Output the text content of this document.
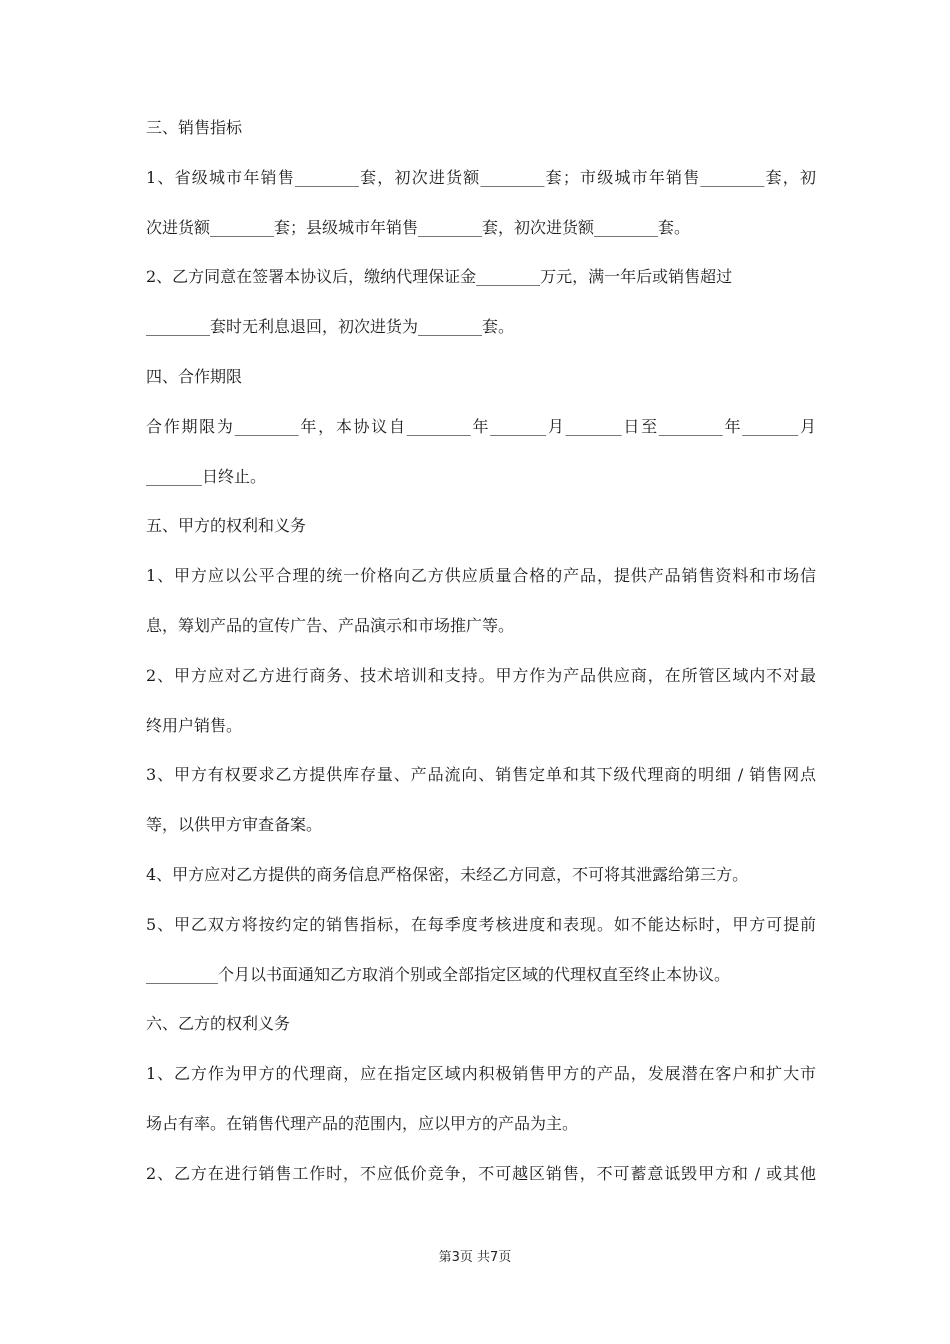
三、销售指标
1、省级城市年销售________套，初次进货额________套；市级城市年销售________套，初
次进货额________套；县级城市年销售________套，初次进货额________套。
2、乙方同意在签署本协议后，缴纳代理保证金________万元，满一年后或销售超过
________套时无利息退回，初次进货为________套。
四、合作期限
合作期限为________年，本协议自________年_______月_______日至________年_______月
_______日终止。
五、甲方的权利和义务
1、甲方应以公平合理的统一价格向乙方供应质量合格的产品，提供产品销售资料和市场信
息，筹划产品的宣传广告、产品演示和市场推广等。
2、甲方应对乙方进行商务、技术培训和支持。甲方作为产品供应商，在所管区域内不对最
终用户销售。
3、甲方有权要求乙方提供库存量、产品流向、销售定单和其下级代理商的明细 / 销售网点
等，以供甲方审查备案。
4、甲方应对乙方提供的商务信息严格保密，未经乙方同意，不可将其泄露给第三方。
5、甲乙双方将按约定的销售指标，在每季度考核进度和表现。如不能达标时，甲方可提前
_________个月以书面通知乙方取消个别或全部指定区域的代理权直至终止本协议。
六、乙方的权利义务
1、乙方作为甲方的代理商，应在指定区域内积极销售甲方的产品，发展潜在客户和扩大市
场占有率。在销售代理产品的范围内，应以甲方的产品为主。
2、乙方在进行销售工作时，不应低价竞争，不可越区销售，不可蓄意诋毁甲方和 / 或其他
第3页 共7页
